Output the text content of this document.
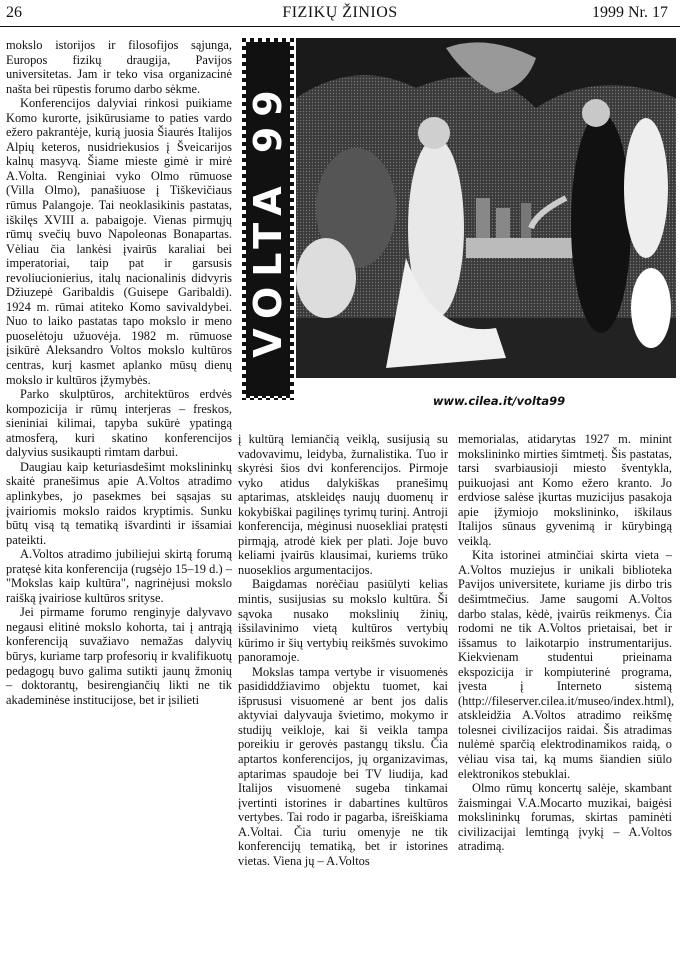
26	FIZIKŲ ŽINIOS	1999 Nr. 17

mokslo istorijos ir filosofijos sąjunga, Europos fizikų draugija, Pavijos universitetas. Jam ir teko visa organizacinė našta bei rūpestis forumo darbo sėkme.

Konferencijos dalyviai rinkosi puikiame Komo kurorte, įsikūrusiame to paties vardo ežero pakrantėje, kurią juosia Šiaurės Italijos Alpių keteros, nusidriekusios į Šveicarijos kalnų masyvą. Šiame mieste gimė ir mirė A.Volta. Renginiai vyko Olmo rūmuose (Villa Olmo), panašiuose į Tiškevičiaus rūmus Palangoje. Tai neoklasikinis pastatas, iškilęs XVIII a. pabaigoje. Vienas pirmųjų rūmų svečių buvo Napoleonas Bonapartas. Vėliau čia lankėsi įvairūs karaliai bei imperatoriai, taip pat ir garsusis revoliucionierius, italų nacionalinis didvyris Džiuzepė Garibaldis (Guisepe Garibaldi). 1924 m. rūmai atiteko Komo savivaldybei. Nuo to laiko pastatas tapo mokslo ir meno puoselėtoju užuovėja. 1982 m. rūmuose įsikūrė Aleksandro Voltos mokslo kultūros centras, kurį kasmet aplanko mūsų dienų mokslo ir kultūros įžymybės.

Parko skulptūros, architektūros erdvės kompozicija ir rūmų interjeras – freskos, sieniniai kilimai, tapyba sukūrė ypatingą atmosferą, kuri skatino konferencijos dalyvius susikaupti rimtam darbui.

Daugiau kaip keturiasdešimt mokslininkų skaitė pranešimus apie A.Voltos atradimo aplinkybes, jo pasekmes bei sąsajas su įvairiomis mokslo raidos kryptimis. Sunku būtų visą tą tematiką išvardinti ir išsamiai pateikti.

A.Voltos atradimo jubiliejui skirtą forumą pratęsė kita konferencija (rugsėjo 15–19 d.) – "Mokslas kaip kultūra", nagrinėjusi mokslo raišką įvairiose kultūros srityse.

Jei pirmame forumo renginyje dalyvavo negausi elitinė mokslo kohorta, tai į antrąją konferenciją suvažiavo nemažas dalyvių būrys, kuriame tarp profesorių ir kvalifikuotų pedagogų buvo galima sutikti jaunų žmonių – doktorantų, besirengiančių likti ne tik akademinėse institucijose, bet ir įsilieti

VOLTA 99
www.cilea.it/volta99

į kultūrą lemiančią veiklą, susijusią su vadovavimu, leidyba, žurnalistika. Tuo ir skyrėsi šios dvi konferencijos. Pirmoje vyko atidus dalykiškas pranešimų aptarimas, atskleidęs naujų duomenų ir kokybiškai pagilinęs tyrimų turinį. Antroji konferencija, mėginusi nuosekliai pratęsti pirmąją, atrodė kiek per plati. Joje buvo keliami įvairūs klausimai, kuriems trūko nuoseklios argumentacijos.

Baigdamas norėčiau pasiūlyti kelias mintis, susijusias su mokslo kultūra. Ši sąvoka nusako mokslinių žinių, išsilavinimo vietą kultūros vertybių kūrimo ir šių vertybių reikšmės suvokimo panoramoje.

Mokslas tampa vertybe ir visuomenės pasididdžiavimo objektu tuomet, kai išprususi visuomenė ar bent jos dalis aktyviai dalyvauja švietimo, mokymo ir studijų veikloje, kai ši veikla tampa poreikiu ir gerovės pastangų tikslu. Čia aptartos konferencijos, jų organizavimas, aptarimas spaudoje bei TV liudija, kad Italijos visuomenė sugeba tinkamai įvertinti istorines ir dabartines kultūros vertybes. Tai rodo ir pagarba, išreiškiama A.Voltai. Čia turiu omenyje ne tik konferencijų tematiką, bet ir istorines vietas. Viena jų – A.Voltos

memorialas, atidarytas 1927 m. minint mokslininko mirties šimtmetį. Šis pastatas, tarsi svarbiausioji miesto šventykla, puikuojasi ant Komo ežero kranto. Jo erdviose salėse įkurtas muzicijus pasakoja apie įžymiojo mokslininko, iškilaus Italijos sūnaus gyvenimą ir kūrybingą veiklą.

Kita istorinei atminčiai skirta vieta – A.Voltos muziejus ir unikali biblioteka Pavijos universitete, kuriame jis dirbo tris dešimtmečius. Jame saugomi A.Voltos darbo stalas, kėdė, įvairūs reikmenys. Čia rodomi ne tik A.Voltos prietaisai, bet ir išsamus to laikotarpio instrumentarijus. Kiekvienam studentui prieinama ekspozicija ir kompiuterinė programa, įvesta į Interneto sistemą (http://fileserver.cilea.it/museo/index.html), atskleidžia A.Voltos atradimo reikšmę tolesnei civilizacijos raidai. Šis atradimas nulėmė sparčią elektrodinamikos raidą, o vėliau visa tai, ką mums šiandien siūlo elektronikos stebuklai.

Olmo rūmų koncertų salėje, skambant žaismingai V.A.Mocarto muzikai, baigėsi mokslininkų forumas, skirtas paminėti civilizacijai lemtingą įvykį – A.Voltos atradimą.
